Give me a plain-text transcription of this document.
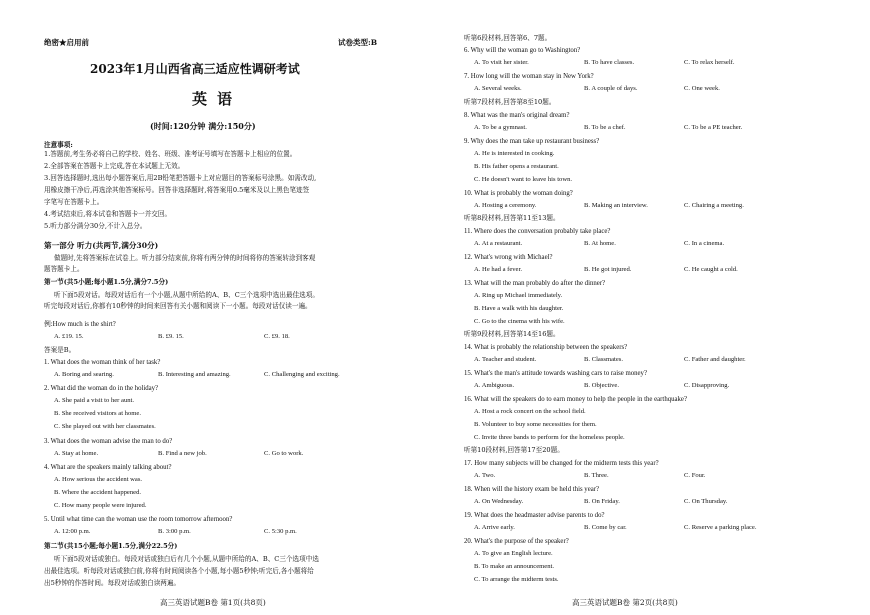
绝密★启用前	试卷类型:B
2023年1月山西省高三适应性调研考试
英语
(时间:120分钟 满分:150分)
注意事项:
1.答题前,考生务必将自己的学校、姓名、班级、准考证号填写在答题卡上相应的位置。
2.全部答案在答题卡上完成,答在本试题上无效。
3.回答选择题时,选出每小题答案后,用2B铅笔把答题卡上对应题目的答案标号涂黑。如需改动,
用橡皮擦干净后,再选涂其他答案标号。回答非选择题时,将答案用0.5毫米及以上黑色笔迹签
字笔写在答题卡上。
4.考试结束后,将本试卷和答题卡一并交回。
5.听力部分满分30分,不计入总分。
第一部分 听力(共两节,满分30分)
做题时,先将答案标在试卷上。听力部分结束前,你将有两分钟的时间将你的答案转涂到客观
题答题卡上。
第一节(共5小题;每小题1.5分,满分7.5分)
听下面5段对话。每段对话后有一个小题,从题中所给的A、B、C三个选项中选出最佳选项。
听完每段对话后,你都有10秒钟的时间来回答有关小题和阅读下一小题。每段对话仅读一遍。
例:How much is the shirt?
A. £19. 15.	B. £9. 15.	C. £9. 18.
答案是B。
1. What does the woman think of her task?
A. Boring and searing.	B. Interesting and amazing.	C. Challenging and exciting.
2. What did the woman do in the holiday?
A. She paid a visit to her aunt.
B. She received visitors at home.
C. She played out with her classmates.
3. What does the woman advise the man to do?
A. Stay at home.	B. Find a new job.	C. Go to work.
4. What are the speakers mainly talking about?
A. How serious the accident was.
B. Where the accident happened.
C. How many people were injured.
5. Until what time can the woman use the room tomorrow afternoon?
A. 12:00 p.m.	B. 3:00 p.m.	C. 5:30 p.m.
第二节(共15小题;每小题1.5分,满分22.5分)
听下面5段对话或独白。每段对话或独白后有几个小题,从题中所给的A、B、C三个选项中选
出最佳选项。听每段对话或独白前,你将有时间阅读各个小题,每小题5秒钟;听完后,各小题将给
出5秒钟的作答时间。每段对话或独白读两遍。
高三英语试题B卷 第1页(共8页)
听第6段材料,回答第6、7题。
6. Why will the woman go to Washington?
A. To visit her sister.	B. To have classes.	C. To relax herself.
7. How long will the woman stay in New York?
A. Several weeks.	B. A couple of days.	C. One week.
听第7段材料,回答第8至10题。
8. What was the man's original dream?
A. To be a gymnast.	B. To be a chef.	C. To be a PE teacher.
9. Why does the man take up restaurant business?
A. He is interested in cooking.
B. His father opens a restaurant.
C. He doesn't want to leave his town.
10. What is probably the woman doing?
A. Hosting a ceremony.	B. Making an interview.	C. Chairing a meeting.
听第8段材料,回答第11至13题。
11. Where does the conversation probably take place?
A. At a restaurant.	B. At home.	C. In a cinema.
12. What's wrong with Michael?
A. He had a fever.	B. He got injured.	C. He caught a cold.
13. What will the man probably do after the dinner?
A. Ring up Michael immediately.
B. Have a walk with his daughter.
C. Go to the cinema with his wife.
听第9段材料,回答第14至16题。
14. What is probably the relationship between the speakers?
A. Teacher and student.	B. Classmates.	C. Father and daughter.
15. What's the man's attitude towards washing cars to raise money?
A. Ambiguous.	B. Objective.	C. Disapproving.
16. What will the speakers do to earn money to help the people in the earthquake?
A. Host a rock concert on the school field.
B. Volunteer to buy some necessities for them.
C. Invite three bands to perform for the homeless people.
听第10段材料,回答第17至20题。
17. How many subjects will be changed for the midterm tests this year?
A. Two.	B. Three.	C. Four.
18. When will the history exam be held this year?
A. On Wednesday.	B. On Friday.	C. On Thursday.
19. What does the headmaster advise parents to do?
A. Arrive early.	B. Come by car.	C. Reserve a parking place.
20. What's the purpose of the speaker?
A. To give an English lecture.
B. To make an announcement.
C. To arrange the midterm tests.
高三英语试题B卷 第2页(共8页)
